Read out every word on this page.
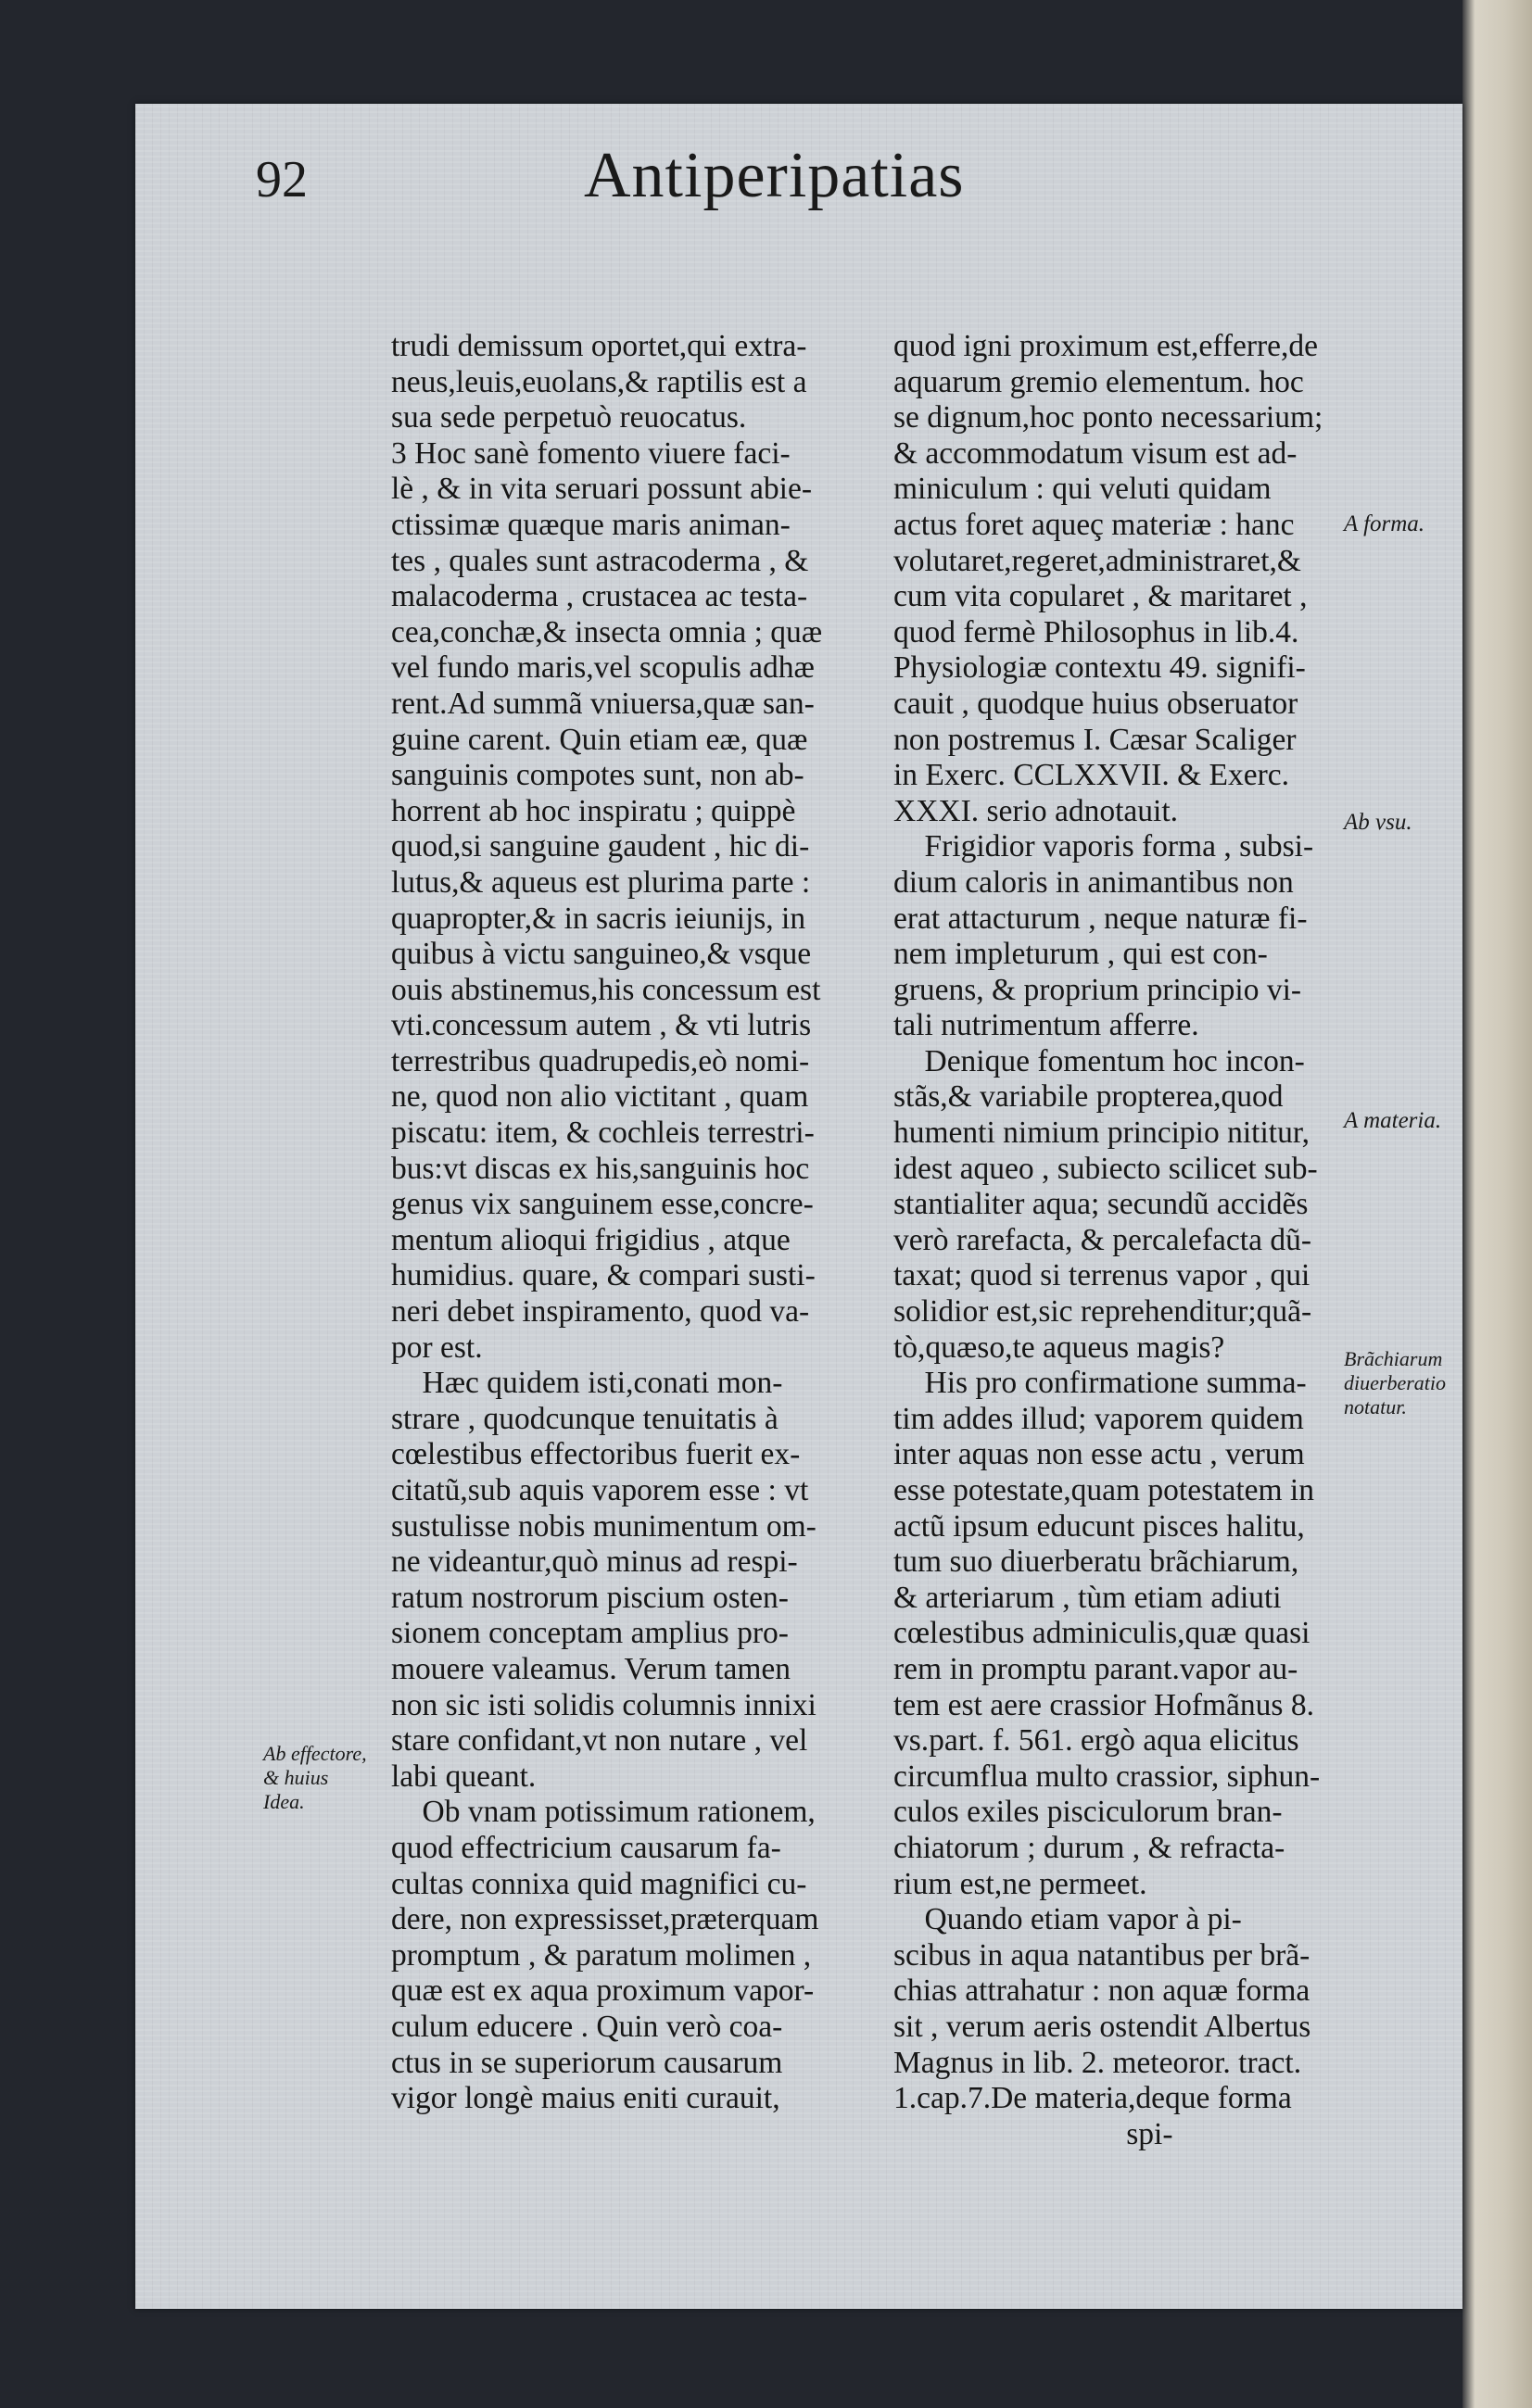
92	Antiperipatias
trudi demissum oportet,qui extra-
neus,leuis,euolans,& raptilis est a
sua sede perpetuò reuocatus.
3 Hoc sanè fomento viuere faci-
lè , & in vita seruari possunt abie-
ctissimæ quæque maris animan-
tes , quales sunt astracoderma , &
malacoderma , crustacea ac testa-
cea,conchæ,& insecta omnia ; quæ
vel fundo maris,vel scopulis adhæ
rent.Ad summã vniuersa,quæ san-
guine carent. Quin etiam eæ, quæ
sanguinis compotes sunt, non ab-
horrent ab hoc inspiratu ; quippè
quod,si sanguine gaudent , hic di-
lutus,& aqueus est plurima parte :
quapropter,& in sacris ieiunijs, in
quibus à victu sanguineo,& vsque
ouis abstinemus,his concessum est
vti.concessum autem , & vti lutris
terrestribus quadrupedis,eò nomi-
ne, quod non alio victitant , quam
piscatu: item, & cochleis terrestri-
bus:vt discas ex his,sanguinis hoc
genus vix sanguinem esse,concre-
mentum alioqui frigidius , atque
humidius. quare, & compari susti-
neri debet inspiramento, quod va-
por est.
Hæc quidem isti,conati mon-
strare , quodcunque tenuitatis à
cœlestibus effectoribus fuerit ex-
citatũ,sub aquis vaporem esse : vt
sustulisse nobis munimentum om-
ne videantur,quò minus ad respi-
ratum nostrorum piscium osten-
sionem conceptam amplius pro-
mouere valeamus. Verum tamen
non sic isti solidis columnis innixi
stare confidant,vt non nutare , vel
labi queant.
Ob vnam potissimum rationem,
quod effectricium causarum fa-
cultas connixa quid magnifici cu-
dere, non expressisset,præterquam
promptum , & paratum molimen ,
quæ est ex aqua proximum vapor-
culum educere . Quin verò coa-
ctus in se superiorum causarum
vigor longè maius eniti curauit,
quod igni proximum est,efferre,de
aquarum gremio elementum. hoc
se dignum,hoc ponto necessarium;
& accommodatum visum est ad-
miniculum : qui veluti quidam
actus foret aqueç materiæ : hanc
volutaret,regeret,administraret,&
cum vita copularet , & maritaret ,
quod fermè Philosophus in lib.4.
Physiologiæ contextu 49. signifi-
cauit , quodque huius obseruator
non postremus I. Cæsar Scaliger
in Exerc. CCLXXVII. & Exerc.
XXXI. serio adnotauit.
Frigidior vaporis forma , subsi-
dium caloris in animantibus non
erat attacturum , neque naturæ fi-
nem impleturum , qui est con-
gruens, & proprium principio vi-
tali nutrimentum afferre.
Denique fomentum hoc incon-
stãs,& variabile propterea,quod
humenti nimium principio nititur,
idest aqueo , subiecto scilicet sub-
stantialiter aqua; secundũ accidẽs
verò rarefacta, & percalefacta dũ-
taxat; quod si terrenus vapor , qui
solidior est,sic reprehenditur;quã-
tò,quæso,te aqueus magis?
His pro confirmatione summa-
tim addes illud; vaporem quidem
inter aquas non esse actu , verum
esse potestate,quam potestatem in
actũ ipsum educunt pisces halitu,
tum suo diuerberatu brãchiarum,
& arteriarum , tùm etiam adiuti
cœlestibus adminiculis,quæ quasi
rem in promptu parant.vapor au-
tem est aere crassior Hofmãnus 8.
vs.part. f. 561. ergò aqua elicitus
circumflua multo crassior, siphun-
culos exiles pisciculorum bran-
chiatorum ; durum , & refracta-
rium est,ne permeet.
Quando etiam vapor à pi-
scibus in aqua natantibus per brã-
chias attrahatur : non aquæ forma
sit , verum aeris ostendit Albertus
Magnus in lib. 2. meteoror. tract.
1.cap.7.De materia,deque forma
spi-
A forma.
Ab vsu.
A materia.
Brãchiarum
diuerberatio
notatur.
Ab effectore,
& huius
Idea.
